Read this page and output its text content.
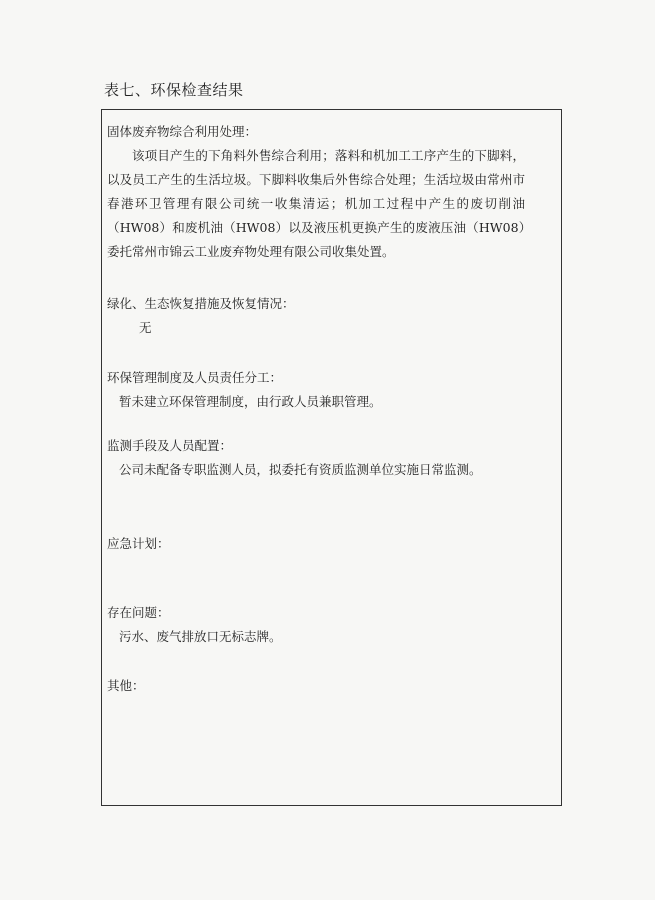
表七、环保检查结果

固体废弃物综合利用处理：

该项目产生的下角料外售综合利用；落料和机加工工序产生的下脚料，以及员工产生的生活垃圾。下脚料收集后外售综合处理；生活垃圾由常州市春港环卫管理有限公司统一收集清运；机加工过程中产生的废切削油（HW08）和废机油（HW08）以及液压机更换产生的废液压油（HW08）委托常州市锦云工业废弃物处理有限公司收集处置。

绿化、生态恢复措施及恢复情况：

无

环保管理制度及人员责任分工：

暂未建立环保管理制度，由行政人员兼职管理。

监测手段及人员配置：

公司未配备专职监测人员，拟委托有资质监测单位实施日常监测。

应急计划：

存在问题：

污水、废气排放口无标志牌。

其他：
